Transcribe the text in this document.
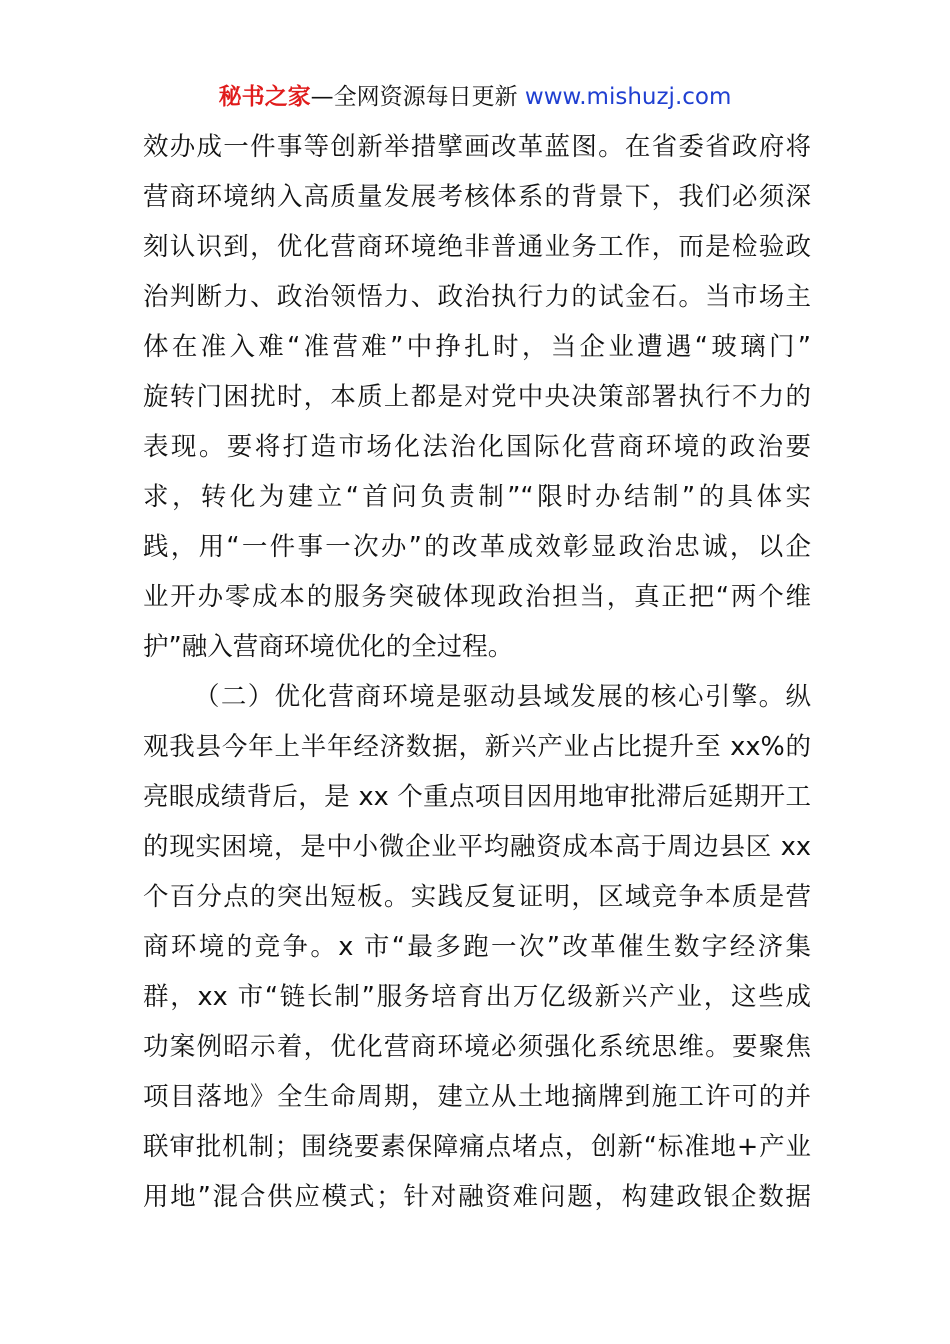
秘书之家—全网资源每日更新 www.mishuzj.com
效办成一件事等创新举措擘画改革蓝图。在省委省政府将
营商环境纳入高质量发展考核体系的背景下，我们必须深
刻认识到，优化营商环境绝非普通业务工作，而是检验政
治判断力、政治领悟力、政治执行力的试金石。当市场主
体在准入难“准营难”中挣扎时，当企业遭遇“玻璃门”
旋转门困扰时，本质上都是对党中央决策部署执行不力的
表现。要将打造市场化法治化国际化营商环境的政治要
求，转化为建立“首问负责制”“限时办结制”的具体实
践，用“一件事一次办”的改革成效彰显政治忠诚，以企
业开办零成本的服务突破体现政治担当，真正把“两个维
护”融入营商环境优化的全过程。
（二）优化营商环境是驱动县域发展的核心引擎。纵
观我县今年上半年经济数据，新兴产业占比提升至 xx%的
亮眼成绩背后，是 xx 个重点项目因用地审批滞后延期开工
的现实困境，是中小微企业平均融资成本高于周边县区 xx
个百分点的突出短板。实践反复证明，区域竞争本质是营
商环境的竞争。x 市“最多跑一次”改革催生数字经济集
群，xx 市“链长制”服务培育出万亿级新兴产业，这些成
功案例昭示着，优化营商环境必须强化系统思维。要聚焦
项目落地》全生命周期，建立从土地摘牌到施工许可的并
联审批机制；围绕要素保障痛点堵点，创新“标准地+产业
用地”混合供应模式；针对融资难问题，构建政银企数据
